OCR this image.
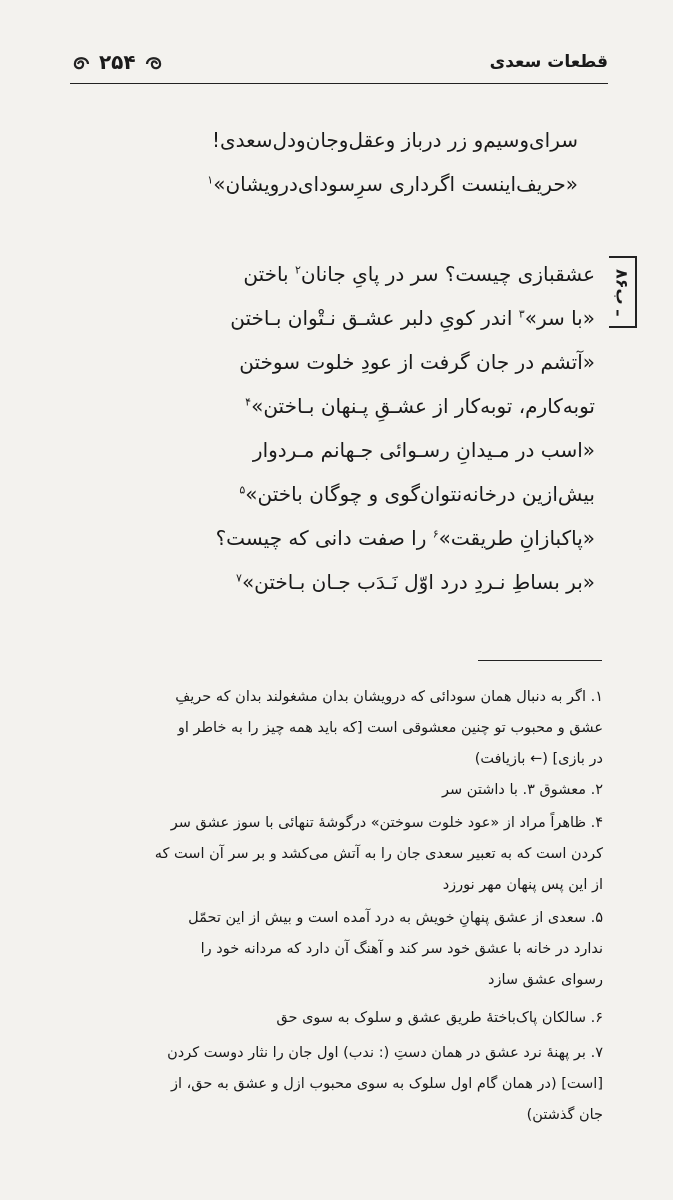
قطعات سعدی
۲۵۴
سرای‌وسیم‌و زر درباز وعقل‌وجان‌ودل‌سعدی!
«حریف‌اینست اگرداری سرِسودای‌درویشان»$^۱$
۸۶ـ ب
عشقبازی چیست؟ سر در پایِ جانان$^۲$ باختن
«با سر»$^۳$ اندر کویِ دلبر عشـق نـتْوان بـاختن
«آتشم در جان گرفت از عودِ خلوت سوختن
توبه‌کارم، توبه‌کار از عشـقِ پـنهان بـاختن»$^۴$
«اسب در مـیدانِ رسـوائی جـهانم مـردوار
بیش‌ازین درخانه‌نتوان‌گوی و چوگان باختن»$^۵$
«پاکبازانِ طریقت»$^۶$ را صفت دانی که چیست؟
«بر بساطِ نـردِ درد اوّل نَـدَب جـان بـاختن»$^۷$
۱. اگر به دنبال همان سودائی که درویشان بدان مشغولند بدان که حریفِ
عشق و محبوب تو چنین معشوقی است [که باید همه چیز را به خاطر او
در بازی] (← بازیافت)
۲. معشوق ۳. با داشتن سر
۴. ظاهراً مراد از «عود خلوت سوختن» درگوشهٔ تنهائی با سوز عشق سر
کردن است که به تعبیر سعدی جان را به آتش می‌کشد و بر سر آن است که
از این پس پنهان مهر نورزد
۵. سعدی از عشق پنهانِ خویش به درد آمده است و بیش از این تحمّل
ندارد در خانه با عشق خود سر کند و آهنگ آن دارد که مردانه خود را
رسوای عشق سازد
۶. سالکان پاک‌باختهٔ طریق عشق و سلوک به سوی حق
۷. بر پهنهٔ نرد عشق در همان دستِ (: ندب) اول جان را نثار دوست کردن
[است] (در همان گام اول سلوک به سوی محبوب ازل و عشق به حق، از
جان گذشتن)
